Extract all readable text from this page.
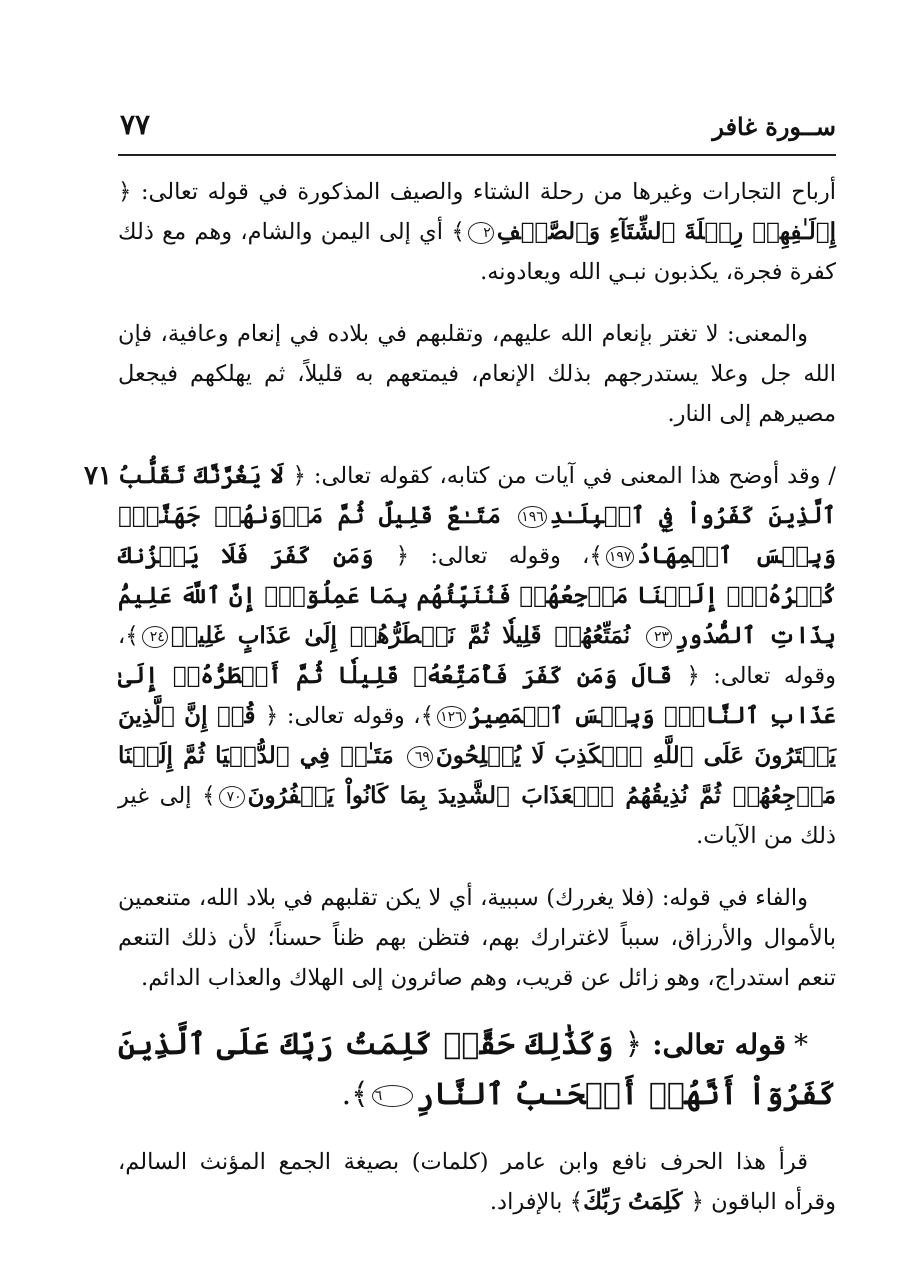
ســورة غافر
٧٧

أرباح التجارات وغيرها من رحلة الشتاء والصيف المذكورة في قوله تعالى: ﴿ إِۦلَـٰفِهِمۡ رِحۡلَةَ ٱلشِّتَآءِ وَٱلصَّيۡفِ٢﴾ أي إلى اليمن والشام، وهم مع ذلك كفرة فجرة، يكذبون نبـي الله ويعادونه.

والمعنى: لا تغتر بإنعام الله عليهم، وتقلبهم في بلاده في إنعام وعافية، فإن الله جل وعلا يستدرجهم بذلك الإنعام، فيمتعهم به قليلاً، ثم يهلكهم فيجعل مصيرهم إلى النار.

٧١	/ وقد أوضح هذا المعنى في آيات من كتابه، كقوله تعالى: ﴿ لَا يَغُرَّنَّكَ تَقَلُّبُ ٱلَّذِينَ كَفَرُواْ فِي ٱلۡبِلَـٰدِ١٩٦ مَتَـٰعٌ قَلِيلٌ ثُمَّ مَأۡوَىٰهُمۡ جَهَنَّمُۖ وَبِئۡسَ ٱلۡمِهَادُ١٩٧﴾، وقوله تعالى: ﴿ وَمَن كَفَرَ فَلَا يَحۡزُنكَ كُفۡرُهُۥٓۚ إِلَيۡنَا مَرۡجِعُهُمۡ فَنُنَبِّئُهُم بِمَا عَمِلُوٓاْۚ إِنَّ ٱللَّهَ عَلِيمُۢ بِذَاتِ ٱلصُّدُورِ٢٣ نُمَتِّعُهُمۡ قَلِيلٗا ثُمَّ نَضۡطَرُّهُمۡ إِلَىٰ عَذَابٍ غَلِيظٖ٢٤﴾، وقوله تعالى: ﴿ قَالَ وَمَن كَفَرَ فَأُمَتِّعُهُۥ قَلِيلٗا ثُمَّ أَضۡطَرُّهُۥٓ إِلَىٰ عَذَابِ ٱلنَّارِۖ وَبِئۡسَ ٱلۡمَصِيرُ١٢٦﴾، وقوله تعالى: ﴿ قُلۡ إِنَّ ٱلَّذِينَ يَفۡتَرُونَ عَلَى ٱللَّهِ ٱلۡكَذِبَ لَا يُفۡلِحُونَ٦٩ مَتَـٰعٞ فِي ٱلدُّنۡيَا ثُمَّ إِلَيۡنَا مَرۡجِعُهُمۡ ثُمَّ نُذِيقُهُمُ ٱلۡعَذَابَ ٱلشَّدِيدَ بِمَا كَانُواْ يَكۡفُرُونَ٧٠﴾ إلى غير ذلك من الآيات.

والفاء في قوله: (فلا يغررك) سببية، أي لا يكن تقلبهم في بلاد الله، متنعمين بالأموال والأرزاق، سبباً لاغترارك بهم، فتظن بهم ظناً حسناً؛ لأن ذلك التنعم تنعم استدراج، وهو زائل عن قريب، وهم صائرون إلى الهلاك والعذاب الدائم.

*قوله تعالى: ﴿ وَكَذَٰلِكَ حَقَّتۡ كَلِمَتُ رَبِّكَ عَلَى ٱلَّذِينَ كَفَرُوٓاْ أَنَّهُمۡ أَصۡحَـٰبُ ٱلنَّارِ٦﴾.

قرأ هذا الحرف نافع وابن عامر (كلمات) بصيغة الجمع المؤنث السالم، وقرأه الباقون ﴿ كَلِمَتُ رَبِّكَ﴾ بالإفراد.
